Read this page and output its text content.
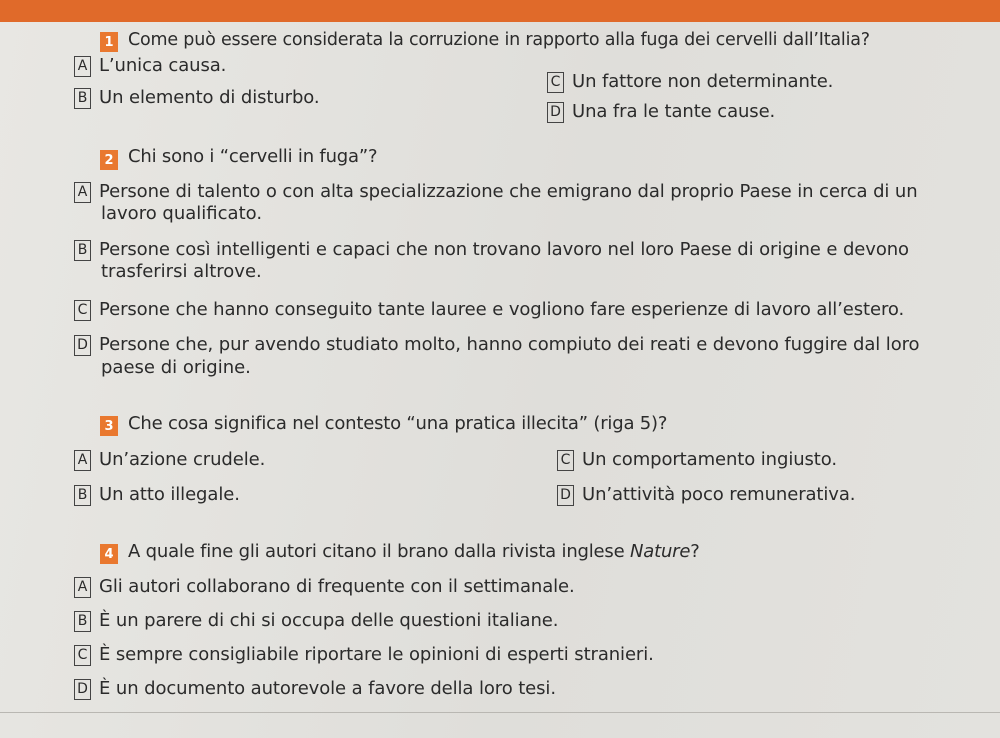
1 Come può essere considerata la corruzione in rapporto alla fuga dei cervelli dall’Italia?
A L’unica causa.
B Un elemento di disturbo.
C Un fattore non determinante.
D Una fra le tante cause.
2 Chi sono i “cervelli in fuga”?
A Persone di talento o con alta specializzazione che emigrano dal proprio Paese in cerca di un
lavoro qualificato.
B Persone così intelligenti e capaci che non trovano lavoro nel loro Paese di origine e devono
trasferirsi altrove.
C Persone che hanno conseguito tante lauree e vogliono fare esperienze di lavoro all’estero.
D Persone che, pur avendo studiato molto, hanno compiuto dei reati e devono fuggire dal loro
paese di origine.
3 Che cosa significa nel contesto “una pratica illecita” (riga 5)?
A Un’azione crudele.
B Un atto illegale.
C Un comportamento ingiusto.
D Un’attività poco remunerativa.
4 A quale fine gli autori citano il brano dalla rivista inglese Nature?
A Gli autori collaborano di frequente con il settimanale.
B È un parere di chi si occupa delle questioni italiane.
C È sempre consigliabile riportare le opinioni di esperti stranieri.
D È un documento autorevole a favore della loro tesi.
